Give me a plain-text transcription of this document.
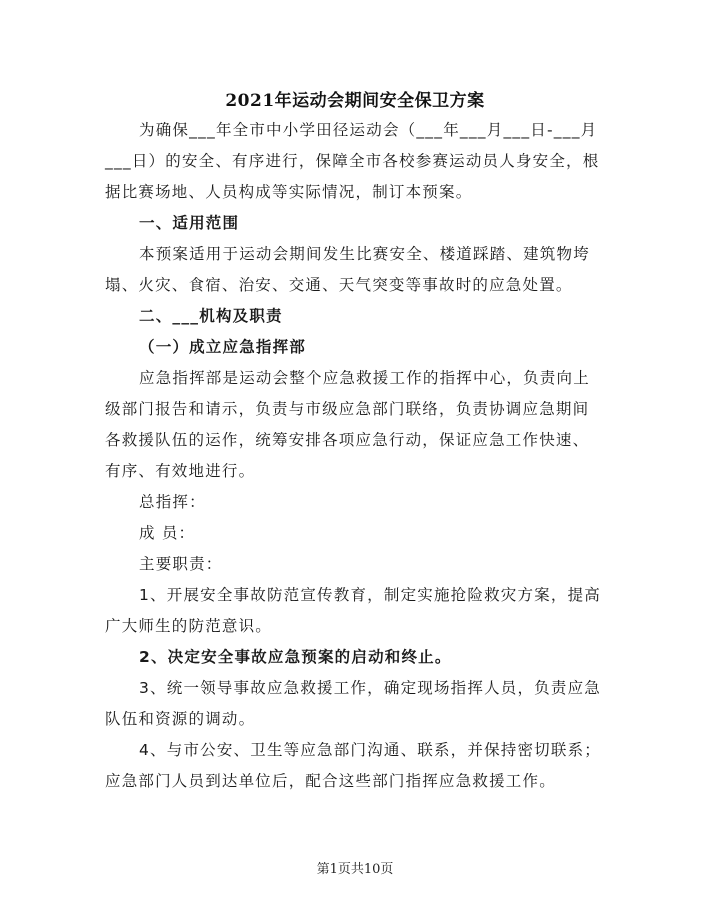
2021年运动会期间安全保卫方案

为确保___年全市中小学田径运动会（___年___月___日-___月___日）的安全、有序进行，保障全市各校参赛运动员人身安全，根据比赛场地、人员构成等实际情况，制订本预案。

一、适用范围

本预案适用于运动会期间发生比赛安全、楼道踩踏、建筑物垮塌、火灾、食宿、治安、交通、天气突变等事故时的应急处置。

二、___机构及职责

（一）成立应急指挥部

应急指挥部是运动会整个应急救援工作的指挥中心，负责向上级部门报告和请示，负责与市级应急部门联络，负责协调应急期间各救援队伍的运作，统筹安排各项应急行动，保证应急工作快速、有序、有效地进行。

总指挥：

成 员：

主要职责：

1、开展安全事故防范宣传教育，制定实施抢险救灾方案，提高广大师生的防范意识。

2、决定安全事故应急预案的启动和终止。

3、统一领导事故应急救援工作，确定现场指挥人员，负责应急队伍和资源的调动。

4、与市公安、卫生等应急部门沟通、联系，并保持密切联系；应急部门人员到达单位后，配合这些部门指挥应急救援工作。

第1页共10页
